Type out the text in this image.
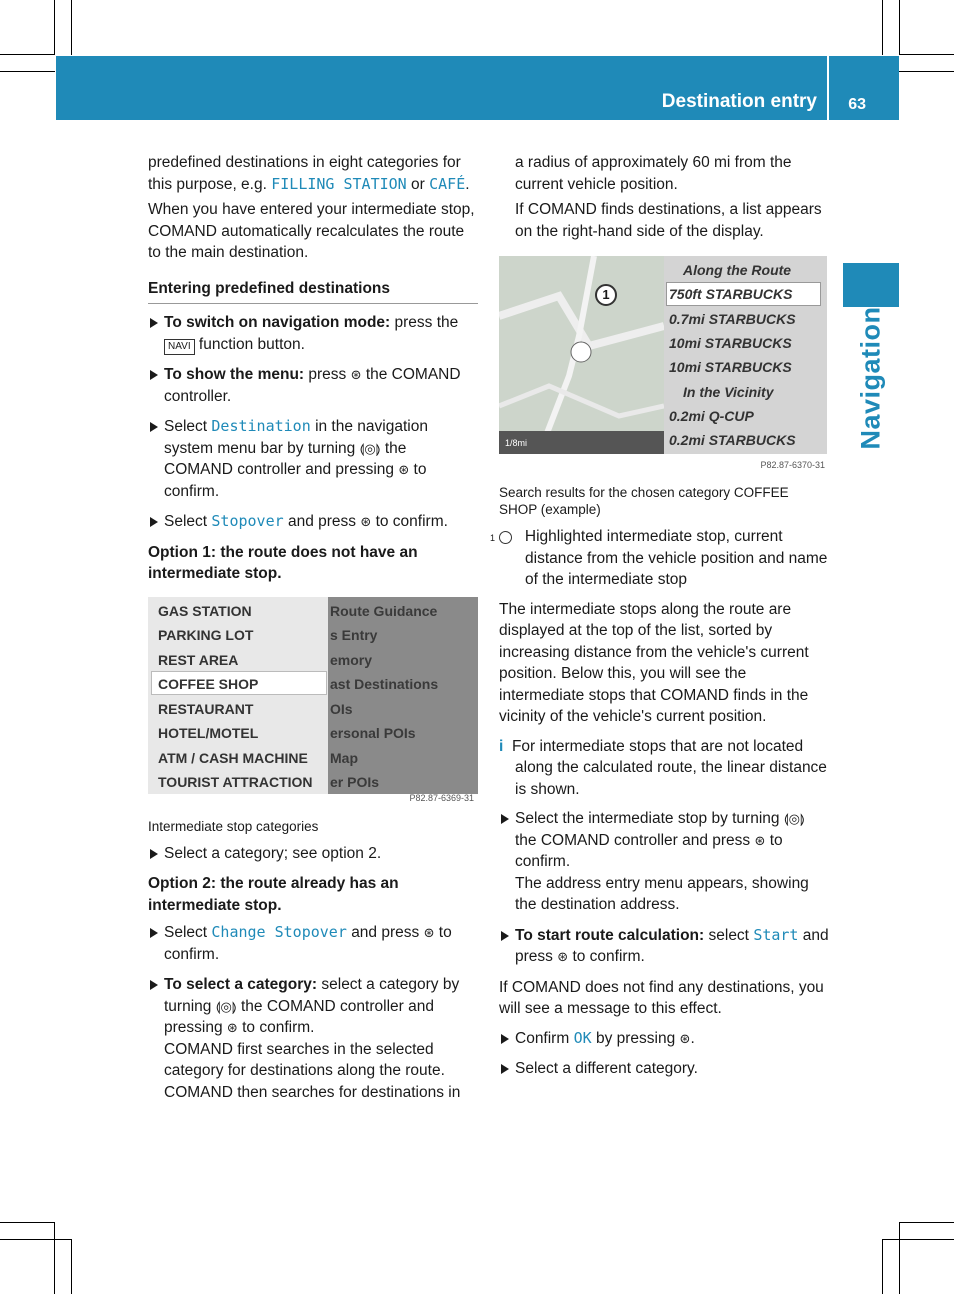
Destination entry 63
Navigation

predefined destinations in eight categories for this purpose, e.g. FILLING STATION or CAFÉ.

When you have entered your intermediate stop, COMAND automatically recalculates the route to the main destination.

Entering predefined destinations
To switch on navigation mode: press the NAVI function button.
To show the menu: press ⊛ the COMAND controller.
Select Destination in the navigation system menu bar by turning ⟬◎⟭ the COMAND controller and pressing ⊛ to confirm.
Select Stopover and press ⊛ to confirm.
Option 1: the route does not have an intermediate stop.
P82.87-6369-31
GAS STATION
PARKING LOT
REST AREA
COFFEE SHOP
RESTAURANT
HOTEL/MOTEL
ATM / CASH MACHINE
TOURIST ATTRACTION
Route Guidance
s Entry
emory
ast Destinations
OIs
ersonal POIs
Map
er POIs
Intermediate stop categories
Select a category; see option 2.
Option 2: the route already has an intermediate stop.
Select Change Stopover and press ⊛ to confirm.
To select a category: select a category by turning ⟬◎⟭ the COMAND controller and pressing ⊛ to confirm.
COMAND first searches in the selected category for destinations along the route. COMAND then searches for destinations in

a radius of approximately 60 mi from the current vehicle position.

If COMAND finds destinations, a list appears on the right-hand side of the display.

1/8mi
1
P82.87-6370-31
Along the Route
750ft STARBUCKS
0.7mi STARBUCKS
10mi STARBUCKS
10mi STARBUCKS
In the Vicinity
0.2mi Q-CUP
0.2mi STARBUCKS
Search results for the chosen category COFFEE SHOP (example)

1 Highlighted intermediate stop, current distance from the vehicle position and name of the intermediate stop

The intermediate stops along the route are displayed at the top of the list, sorted by increasing distance from the vehicle's current position. Below this, you will see the intermediate stops that COMAND finds in the vicinity of the vehicle's current position.

i For intermediate stops that are not located along the calculated route, the linear distance is shown.

Select the intermediate stop by turning ⟬◎⟭ the COMAND controller and press ⊛ to confirm.
The address entry menu appears, showing the destination address.
To start route calculation: select Start and press ⊛ to confirm.

If COMAND does not find any destinations, you will see a message to this effect.

Confirm OK by pressing ⊛.
Select a different category.
